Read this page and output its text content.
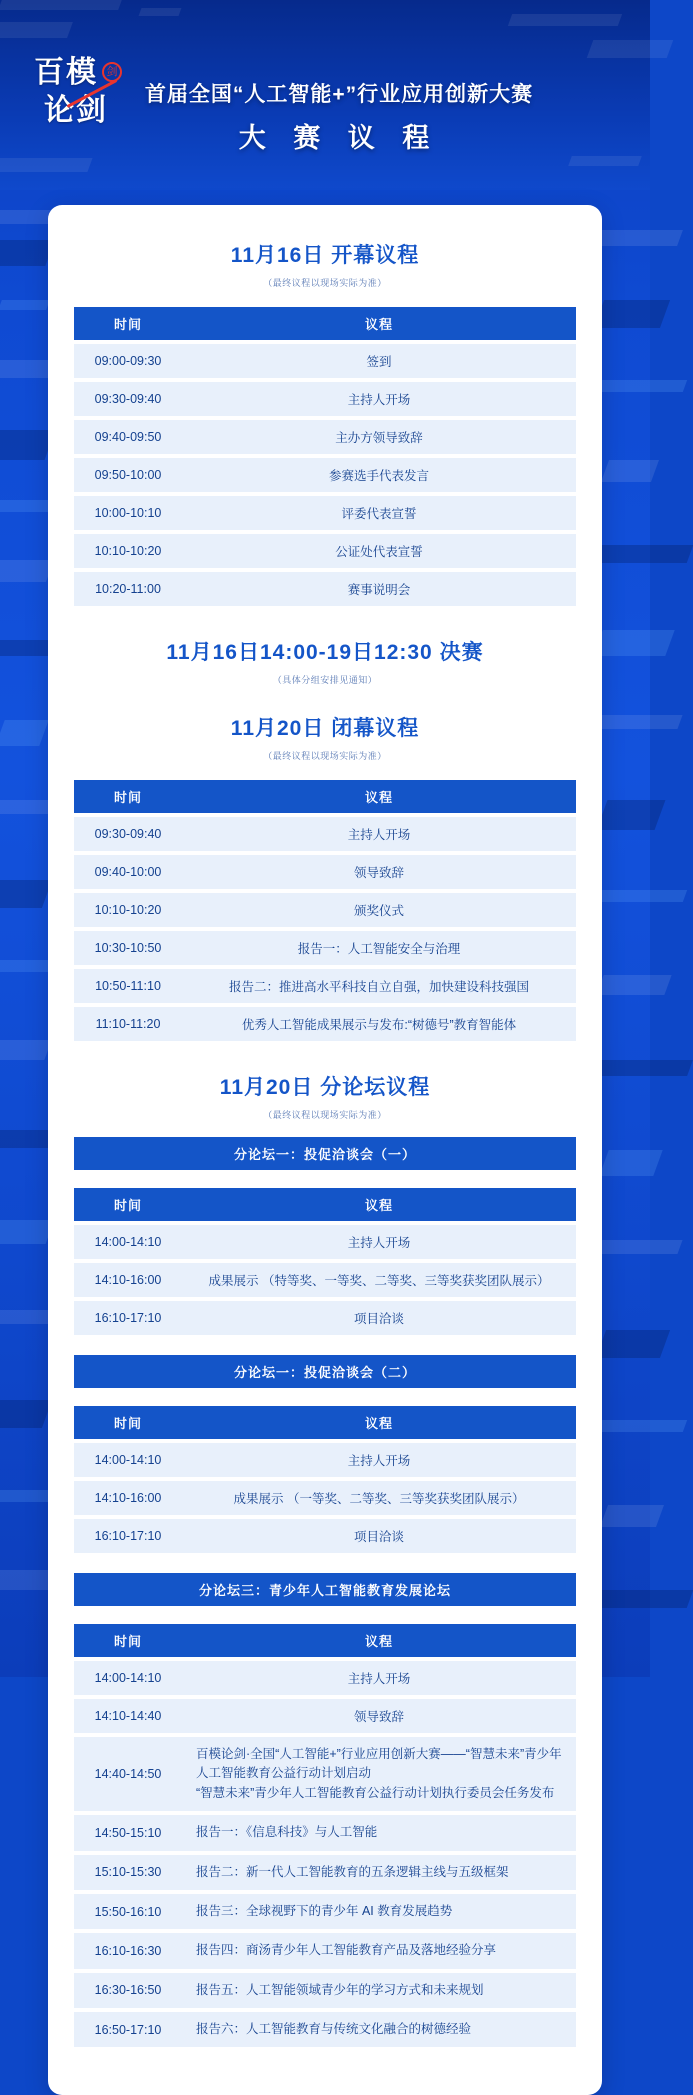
百模
论剑
剑
首届全国“人工智能+”行业应用创新大赛
大 赛 议 程
11月16日 开幕议程
（最终议程以现场实际为准）
时间	议程
09:00-09:30	签到
09:30-09:40	主持人开场
09:40-09:50	主办方领导致辞
09:50-10:00	参赛选手代表发言
10:00-10:10	评委代表宣誓
10:10-10:20	公证处代表宣誓
10:20-11:00	赛事说明会
11月16日14:00-19日12:30 决赛
（具体分组安排见通知）
11月20日 闭幕议程
（最终议程以现场实际为准）
时间	议程
09:30-09:40	主持人开场
09:40-10:00	领导致辞
10:10-10:20	颁奖仪式
10:30-10:50	报告一：人工智能安全与治理
10:50-11:10	报告二：推进高水平科技自立自强，加快建设科技强国
11:10-11:20	优秀人工智能成果展示与发布:“树德号”教育智能体
11月20日 分论坛议程
（最终议程以现场实际为准）
分论坛一：投促洽谈会（一）
时间	议程
14:00-14:10	主持人开场
14:10-16:00	成果展示 （特等奖、一等奖、二等奖、三等奖获奖团队展示）
16:10-17:10	项目洽谈
分论坛一：投促洽谈会（二）
时间	议程
14:00-14:10	主持人开场
14:10-16:00	成果展示 （一等奖、二等奖、三等奖获奖团队展示）
16:10-17:10	项目洽谈
分论坛三：青少年人工智能教育发展论坛
时间	议程
14:00-14:10	主持人开场
14:10-14:40	领导致辞
14:40-14:50	百模论剑·全国“人工智能+”行业应用创新大赛——“智慧未来”青少年人工智能教育公益行动计划启动
“智慧未来”青少年人工智能教育公益行动计划执行委员会任务发布
14:50-15:10	报告一：《信息科技》与人工智能
15:10-15:30	报告二：新一代人工智能教育的五条逻辑主线与五级框架
15:50-16:10	报告三：全球视野下的青少年 AI 教育发展趋势
16:10-16:30	报告四：商汤青少年人工智能教育产品及落地经验分享
16:30-16:50	报告五：人工智能领域青少年的学习方式和未来规划
16:50-17:10	报告六：人工智能教育与传统文化融合的树德经验
